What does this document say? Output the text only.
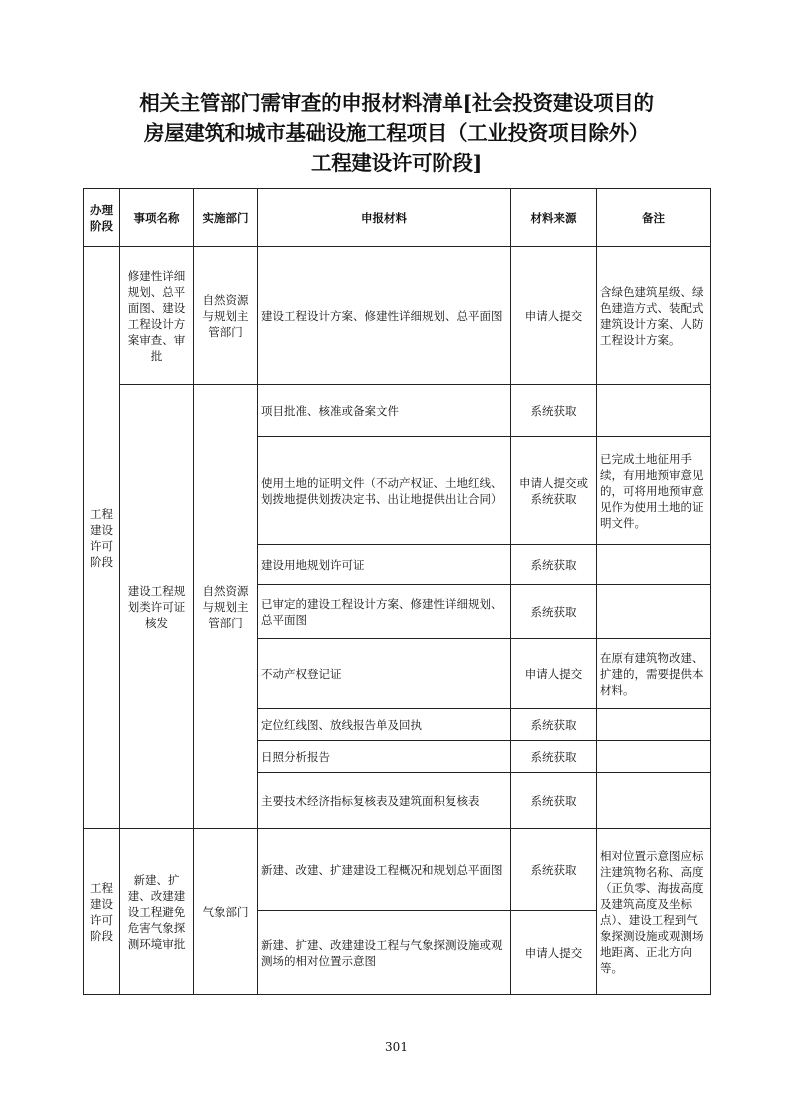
相关主管部门需审查的申报材料清单[社会投资建设项目的
房屋建筑和城市基础设施工程项目（工业投资项目除外）
工程建设许可阶段]
办理阶段	事项名称	实施部门	申报材料	材料来源	备注
工程建设许可阶段	修建性详细规划、总平面图、建设工程设计方案审查、审批	自然资源与规划主管部门	建设工程设计方案、修建性详细规划、总平面图	申请人提交	含绿色建筑星级、绿色建造方式、装配式建筑设计方案、人防工程设计方案。
	建设工程规划类许可证核发	自然资源与规划主管部门	项目批准、核准或备案文件	系统获取	
			使用土地的证明文件（不动产权证、土地红线、划拨地提供划拨决定书、出让地提供出让合同）	申请人提交或系统获取	已完成土地征用手续，有用地预审意见的，可将用地预审意见作为使用土地的证明文件。
			建设用地规划许可证	系统获取	
			已审定的建设工程设计方案、修建性详细规划、总平面图	系统获取	
			不动产权登记证	申请人提交	在原有建筑物改建、扩建的，需要提供本材料。
			定位红线图、放线报告单及回执	系统获取	
			日照分析报告	系统获取	
			主要技术经济指标复核表及建筑面积复核表	系统获取	
工程建设许可阶段	新建、扩建、改建建设工程避免危害气象探测环境审批	气象部门	新建、改建、扩建建设工程概况和规划总平面图	系统获取	相对位置示意图应标注建筑物名称、高度（正负零、海拔高度及建筑高度及坐标点）、建设工程到气象探测设施或观测场地距离、正北方向等。
			新建、扩建、改建建设工程与气象探测设施或观测场的相对位置示意图	申请人提交	
301
